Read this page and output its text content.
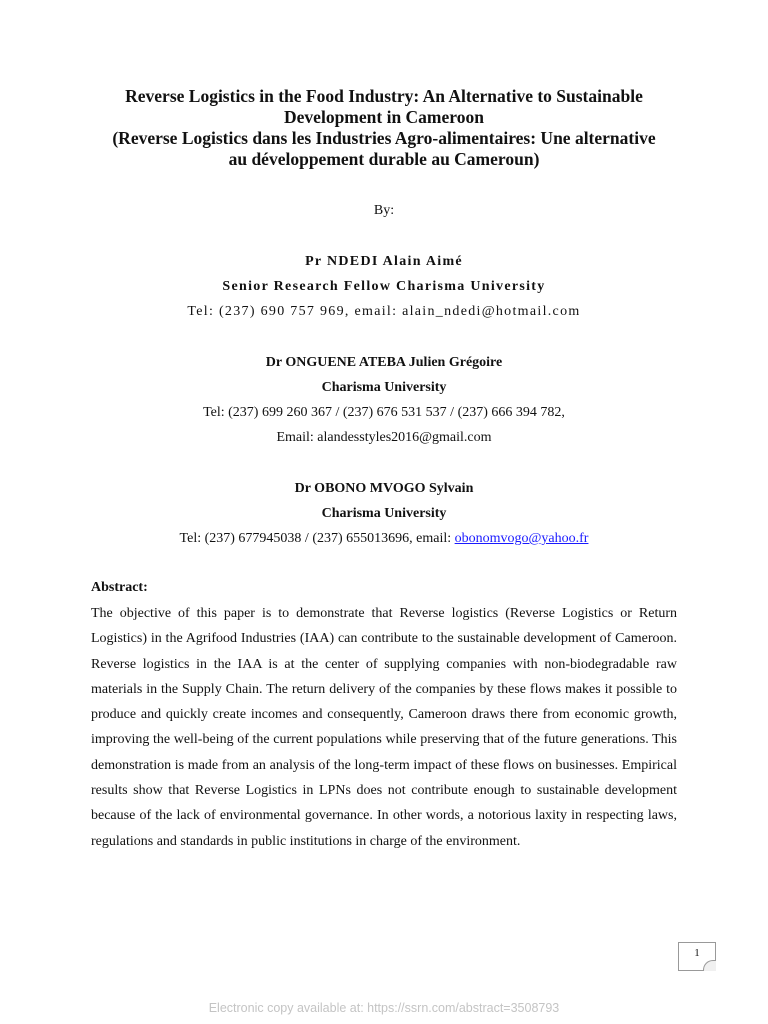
Reverse Logistics in the Food Industry: An Alternative to Sustainable
Development in Cameroon
(Reverse Logistics dans les Industries Agro-alimentaires: Une alternative
au développement durable au Cameroun)
By:
Pr NDEDI Alain Aimé
Senior Research Fellow Charisma University
Tel: (237) 690 757 969, email: alain_ndedi@hotmail.com
Dr ONGUENE ATEBA Julien Grégoire
Charisma University
Tel: (237) 699 260 367 / (237) 676 531 537 / (237) 666 394 782,
Email: alandesstyles2016@gmail.com
Dr OBONO MVOGO Sylvain
Charisma University
Tel: (237) 677945038 / (237) 655013696, email: obonomvogo@yahoo.fr
Abstract:
The objective of this paper is to demonstrate that Reverse logistics (Reverse Logistics or Return Logistics) in the Agrifood Industries (IAA) can contribute to the sustainable development of Cameroon. Reverse logistics in the IAA is at the center of supplying companies with non-biodegradable raw materials in the Supply Chain. The return delivery of the companies by these flows makes it possible to produce and quickly create incomes and consequently, Cameroon draws there from economic growth, improving the well-being of the current populations while preserving that of the future generations. This demonstration is made from an analysis of the long-term impact of these flows on businesses. Empirical results show that Reverse Logistics in LPNs does not contribute enough to sustainable development because of the lack of environmental governance. In other words, a notorious laxity in respecting laws, regulations and standards in public institutions in charge of the environment.
1
Electronic copy available at: https://ssrn.com/abstract=3508793
